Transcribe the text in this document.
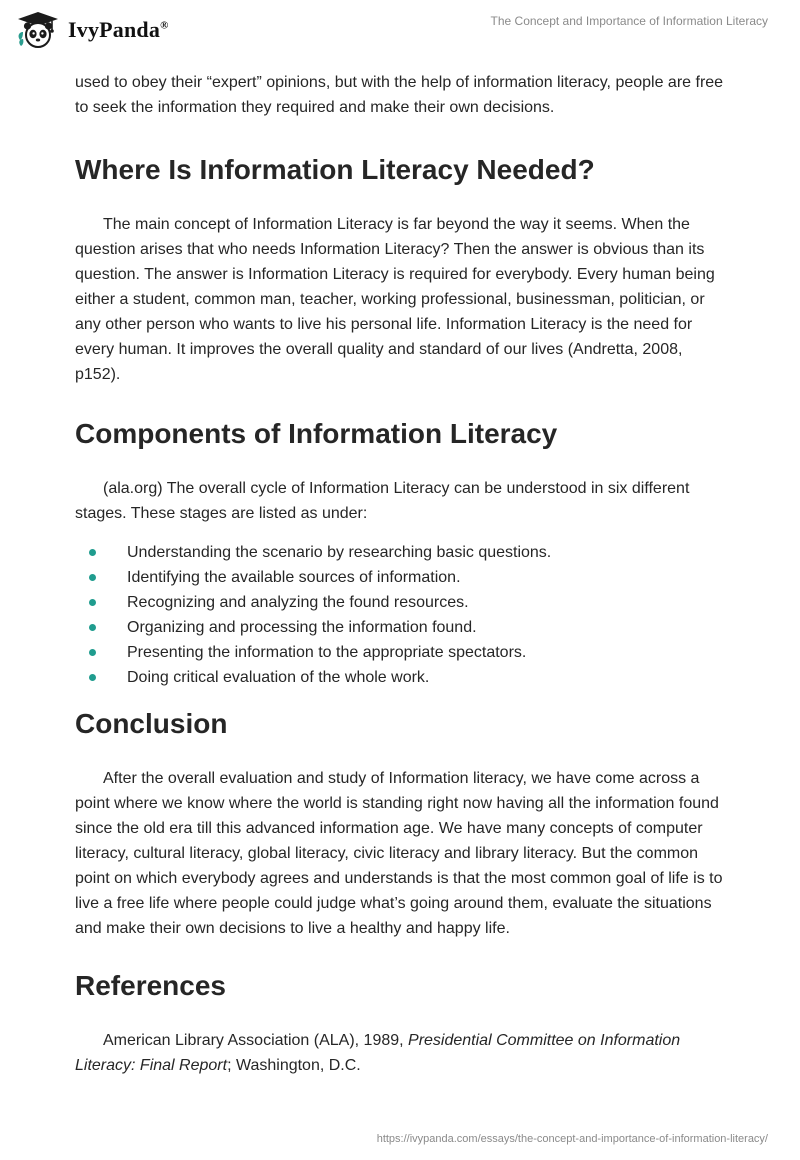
IvyPanda®	The Concept and Importance of Information Literacy

used to obey their “expert” opinions, but with the help of information literacy, people are free to seek the information they required and make their own decisions.

Where Is Information Literacy Needed?

The main concept of Information Literacy is far beyond the way it seems. When the question arises that who needs Information Literacy? Then the answer is obvious than its question. The answer is Information Literacy is required for everybody. Every human being either a student, common man, teacher, working professional, businessman, politician, or any other person who wants to live his personal life. Information Literacy is the need for every human. It improves the overall quality and standard of our lives (Andretta, 2008, p152).

Components of Information Literacy

(ala.org) The overall cycle of Information Literacy can be understood in six different stages. These stages are listed as under:

Understanding the scenario by researching basic questions.
Identifying the available sources of information.
Recognizing and analyzing the found resources.
Organizing and processing the information found.
Presenting the information to the appropriate spectators.
Doing critical evaluation of the whole work.
Conclusion

After the overall evaluation and study of Information literacy, we have come across a point where we know where the world is standing right now having all the information found since the old era till this advanced information age. We have many concepts of computer literacy, cultural literacy, global literacy, civic literacy and library literacy. But the common point on which everybody agrees and understands is that the most common goal of life is to live a free life where people could judge what’s going around them, evaluate the situations and make their own decisions to live a healthy and happy life.

References

American Library Association (ALA), 1989, Presidential Committee on Information Literacy: Final Report; Washington, D.C.

https://ivypanda.com/essays/the-concept-and-importance-of-information-literacy/
